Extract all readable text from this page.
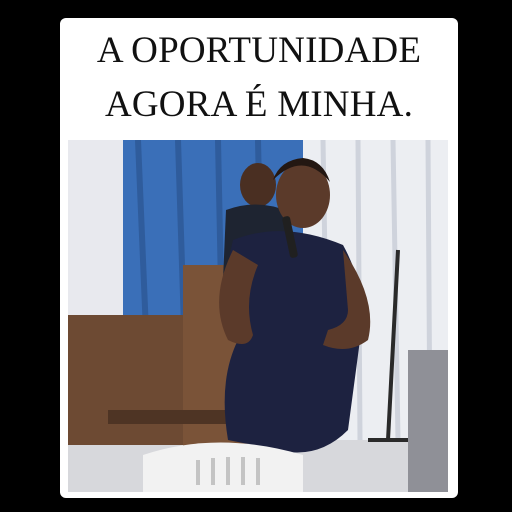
A OPORTUNIDADE
AGORA É MINHA.
